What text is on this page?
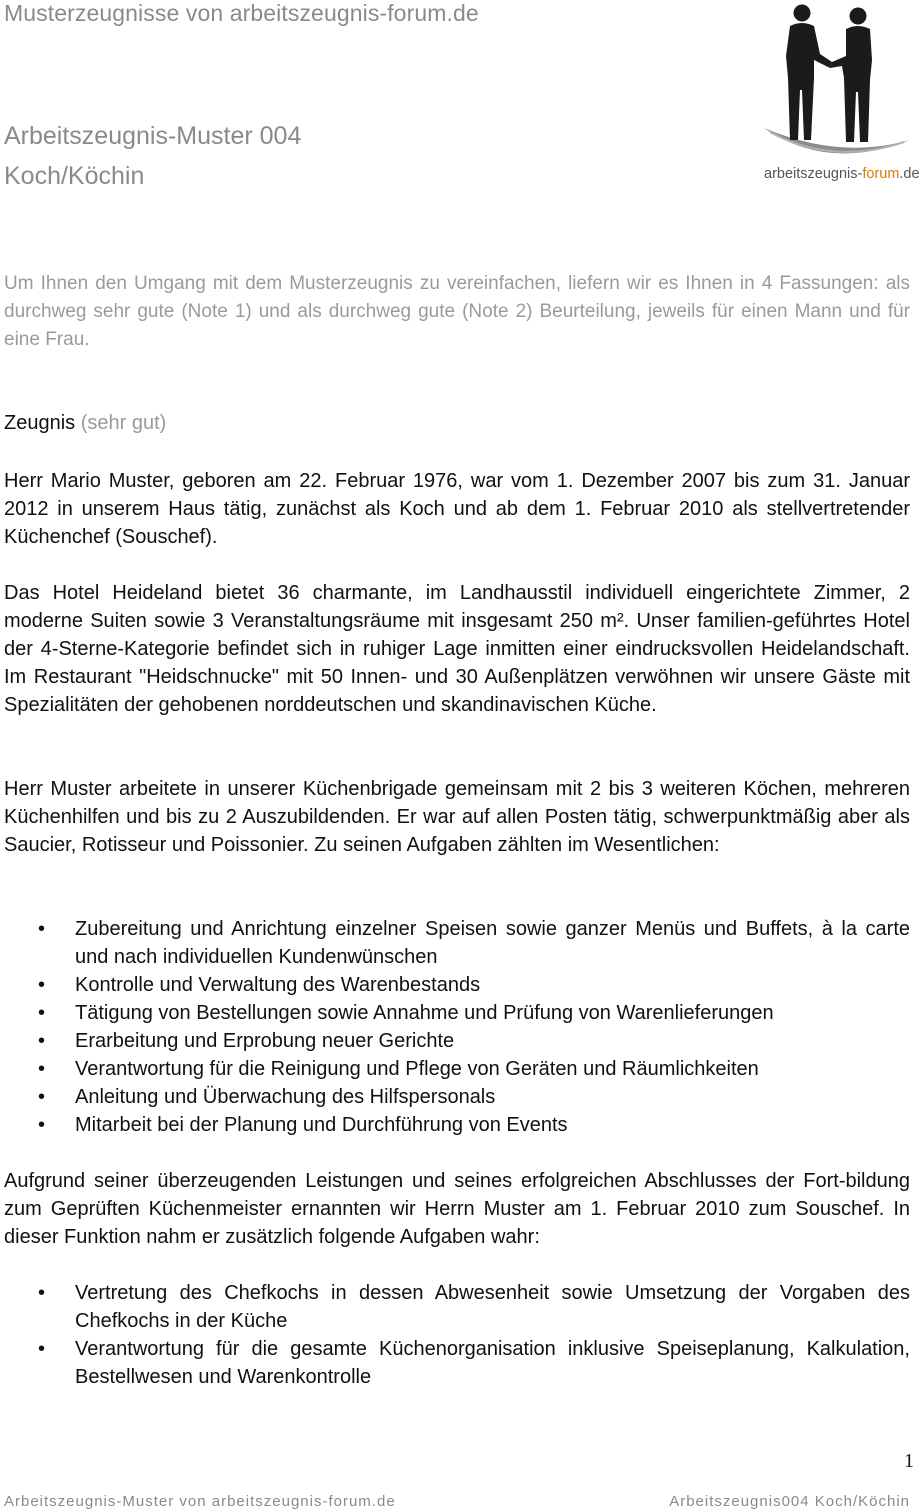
Musterzeugnisse von arbeitszeugnis-forum.de
Arbeitszeugnis-Muster 004
Koch/Köchin	arbeitszeugnis-forum.de
Um Ihnen den Umgang mit dem Musterzeugnis zu vereinfachen, liefern wir es Ihnen in 4 Fassungen: als durchweg sehr gute (Note 1) und als durchweg gute (Note 2) Beurteilung, jeweils für einen Mann und für eine Frau.
Zeugnis (sehr gut)
Herr Mario Muster, geboren am 22. Februar 1976, war vom 1. Dezember 2007 bis zum 31. Januar 2012 in unserem Haus tätig, zunächst als Koch und ab dem 1. Februar 2010 als stellvertretender Küchenchef (Souschef).
Das Hotel Heideland bietet 36 charmante, im Landhausstil individuell eingerichtete Zimmer, 2 moderne Suiten sowie 3 Veranstaltungsräume mit insgesamt 250 m². Unser familien-geführtes Hotel der 4-Sterne-Kategorie befindet sich in ruhiger Lage inmitten einer eindrucksvollen Heidelandschaft. Im Restaurant "Heidschnucke" mit 50 Innen- und 30 Außenplätzen verwöhnen wir unsere Gäste mit Spezialitäten der gehobenen norddeutschen und skandinavischen Küche.
Herr Muster arbeitete in unserer Küchenbrigade gemeinsam mit 2 bis 3 weiteren Köchen, mehreren Küchenhilfen und bis zu 2 Auszubildenden. Er war auf allen Posten tätig, schwerpunktmäßig aber als Saucier, Rotisseur und Poissonier. Zu seinen Aufgaben zählten im Wesentlichen:
• Zubereitung und Anrichtung einzelner Speisen sowie ganzer Menüs und Buffets, à la carte und nach individuellen Kundenwünschen
• Kontrolle und Verwaltung des Warenbestands
• Tätigung von Bestellungen sowie Annahme und Prüfung von Warenlieferungen
• Erarbeitung und Erprobung neuer Gerichte
• Verantwortung für die Reinigung und Pflege von Geräten und Räumlichkeiten
• Anleitung und Überwachung des Hilfspersonals
• Mitarbeit bei der Planung und Durchführung von Events
Aufgrund seiner überzeugenden Leistungen und seines erfolgreichen Abschlusses der Fort-bildung zum Geprüften Küchenmeister ernannten wir Herrn Muster am 1. Februar 2010 zum Souschef. In dieser Funktion nahm er zusätzlich folgende Aufgaben wahr:
• Vertretung des Chefkochs in dessen Abwesenheit sowie Umsetzung der Vorgaben des Chefkochs in der Küche
• Verantwortung für die gesamte Küchenorganisation inklusive Speiseplanung, Kalkulation, Bestellwesen und Warenkontrolle
1
Arbeitszeugnis-Muster von arbeitszeugnis-forum.de	Arbeitszeugnis004 Koch/Köchin
